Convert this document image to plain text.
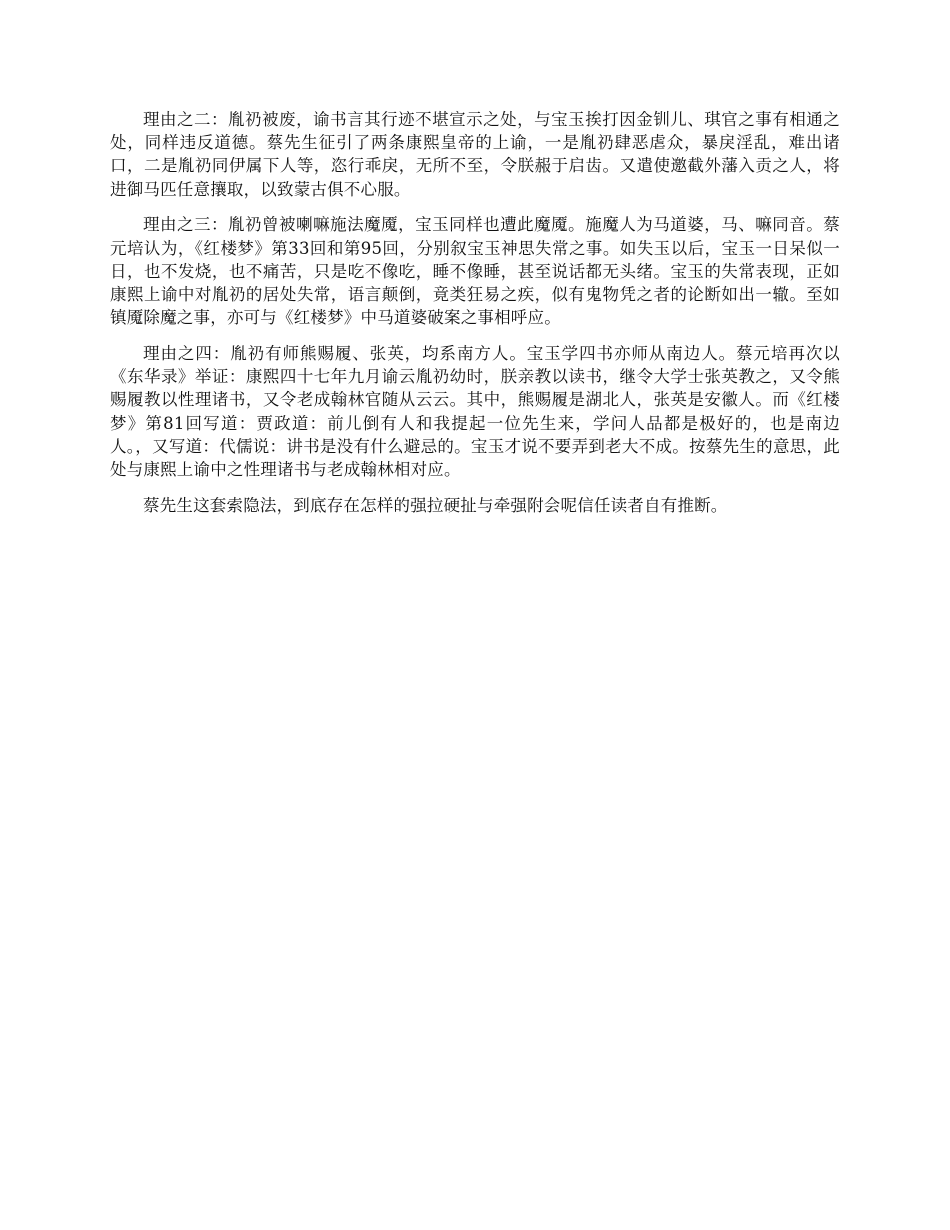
理由之二：胤礽被废，谕书言其行迹不堪宣示之处，与宝玉挨打因金钏儿、琪官之事有相通之处，同样违反道德。蔡先生征引了两条康熙皇帝的上谕，一是胤礽肆恶虐众，暴戾淫乱，难出诸口，二是胤礽同伊属下人等，恣行乖戾，无所不至，令朕赧于启齿。又遣使邀截外藩入贡之人，将进御马匹任意攘取，以致蒙古俱不心服。

理由之三：胤礽曾被喇嘛施法魔魇，宝玉同样也遭此魔魇。施魔人为马道婆，马、嘛同音。蔡元培认为，《红楼梦》第33回和第95回，分别叙宝玉神思失常之事。如失玉以后，宝玉一日呆似一日，也不发烧，也不痛苦，只是吃不像吃，睡不像睡，甚至说话都无头绪。宝玉的失常表现，正如康熙上谕中对胤礽的居处失常，语言颠倒，竟类狂易之疾，似有鬼物凭之者的论断如出一辙。至如镇魇除魔之事，亦可与《红楼梦》中马道婆破案之事相呼应。

理由之四：胤礽有师熊赐履、张英，均系南方人。宝玉学四书亦师从南边人。蔡元培再次以《东华录》举证：康熙四十七年九月谕云胤礽幼时，朕亲教以读书，继令大学士张英教之，又令熊赐履教以性理诸书，又令老成翰林官随从云云。其中，熊赐履是湖北人，张英是安徽人。而《红楼梦》第81回写道：贾政道：前儿倒有人和我提起一位先生来，学问人品都是极好的，也是南边人。，又写道：代儒说：讲书是没有什么避忌的。宝玉才说不要弄到老大不成。按蔡先生的意思，此处与康熙上谕中之性理诸书与老成翰林相对应。

蔡先生这套索隐法，到底存在怎样的强拉硬扯与牵强附会呢信任读者自有推断。
